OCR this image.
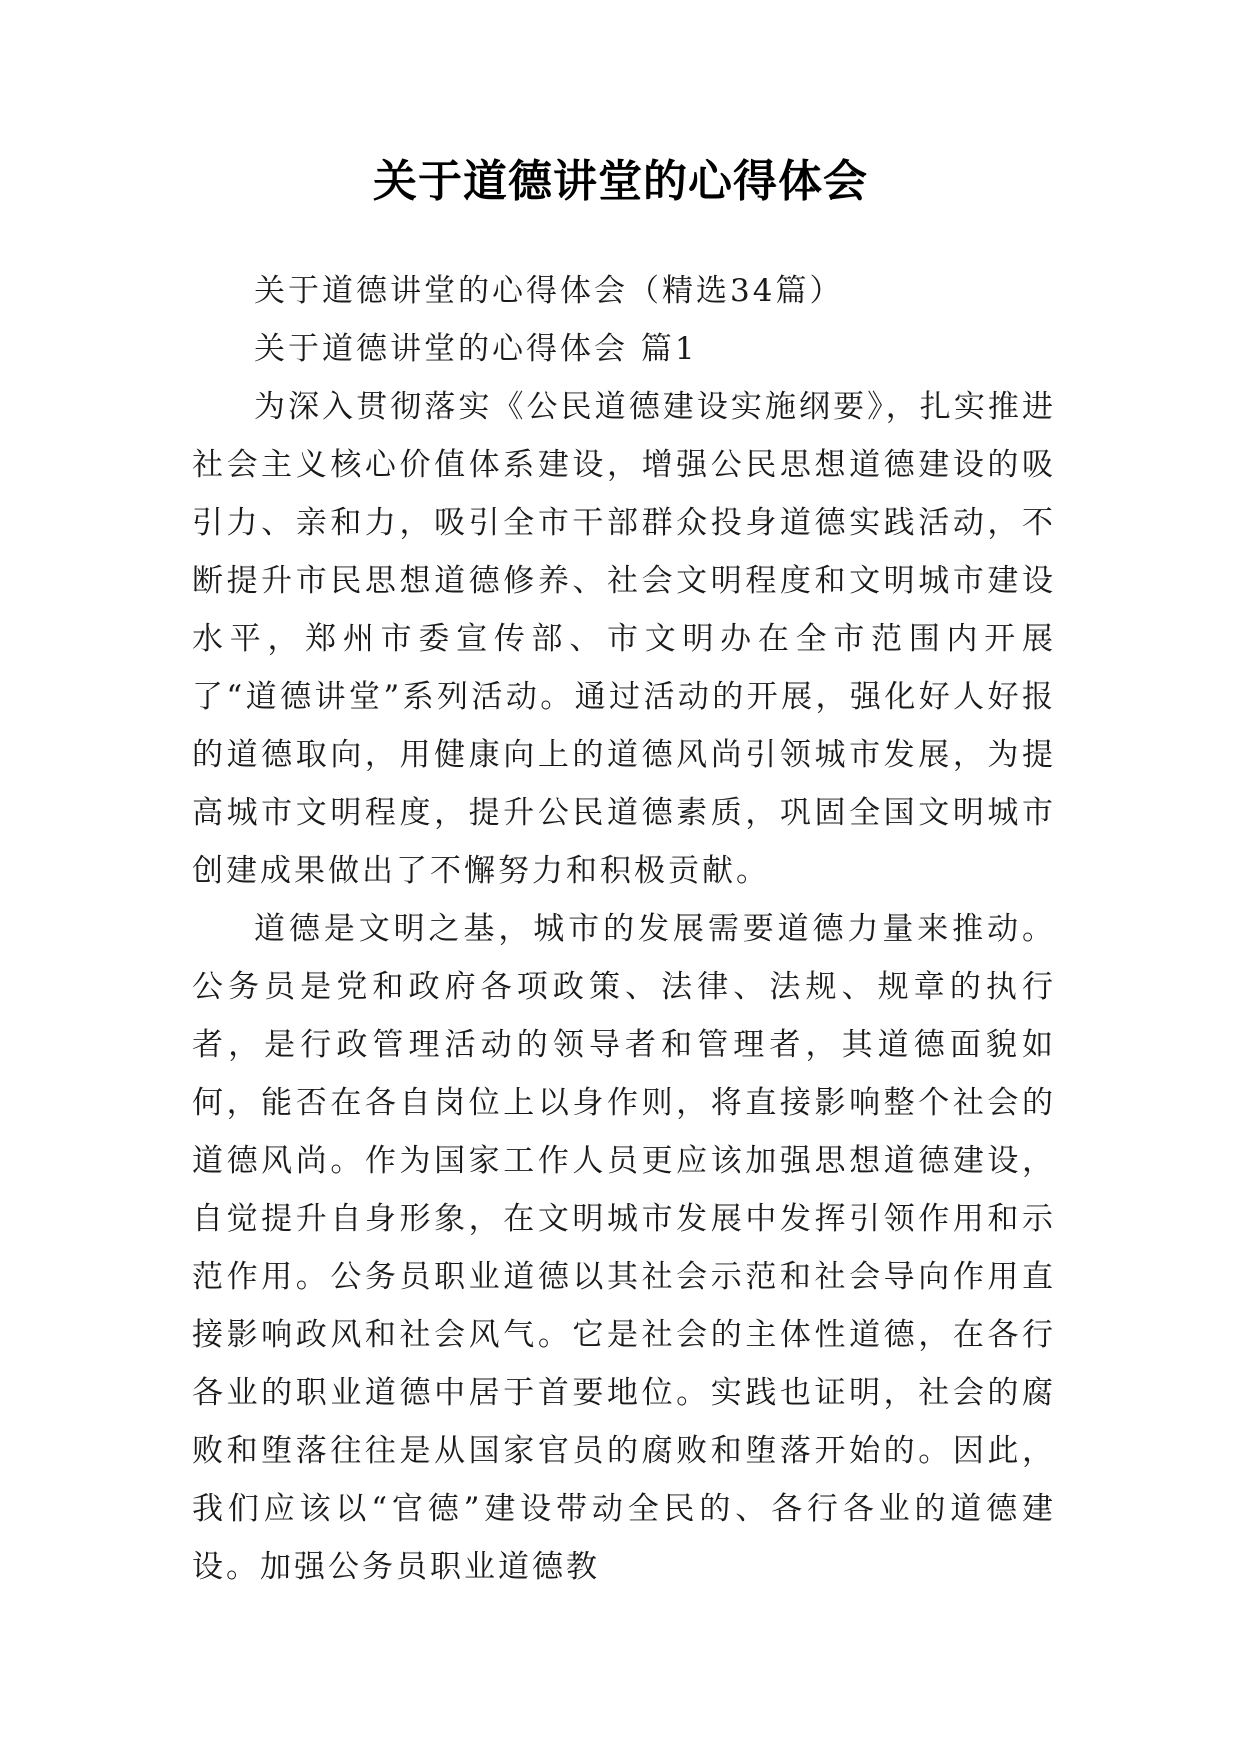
关于道德讲堂的心得体会

关于道德讲堂的心得体会（精选34篇）

关于道德讲堂的心得体会 篇1

为深入贯彻落实《公民道德建设实施纲要》，扎实推进社会主义核心价值体系建设，增强公民思想道德建设的吸引力、亲和力，吸引全市干部群众投身道德实践活动，不断提升市民思想道德修养、社会文明程度和文明城市建设水平，郑州市委宣传部、市文明办在全市范围内开展了“道德讲堂”系列活动。通过活动的开展，强化好人好报的道德取向，用健康向上的道德风尚引领城市发展，为提高城市文明程度，提升公民道德素质，巩固全国文明城市创建成果做出了不懈努力和积极贡献。

道德是文明之基，城市的发展需要道德力量来推动。公务员是党和政府各项政策、法律、法规、规章的执行者，是行政管理活动的领导者和管理者，其道德面貌如何，能否在各自岗位上以身作则，将直接影响整个社会的道德风尚。作为国家工作人员更应该加强思想道德建设，自觉提升自身形象，在文明城市发展中发挥引领作用和示范作用。公务员职业道德以其社会示范和社会导向作用直接影响政风和社会风气。它是社会的主体性道德，在各行各业的职业道德中居于首要地位。实践也证明，社会的腐败和堕落往往是从国家官员的腐败和堕落开始的。因此，我们应该以“官德”建设带动全民的、各行各业的道德建设。加强公务员职业道德教
